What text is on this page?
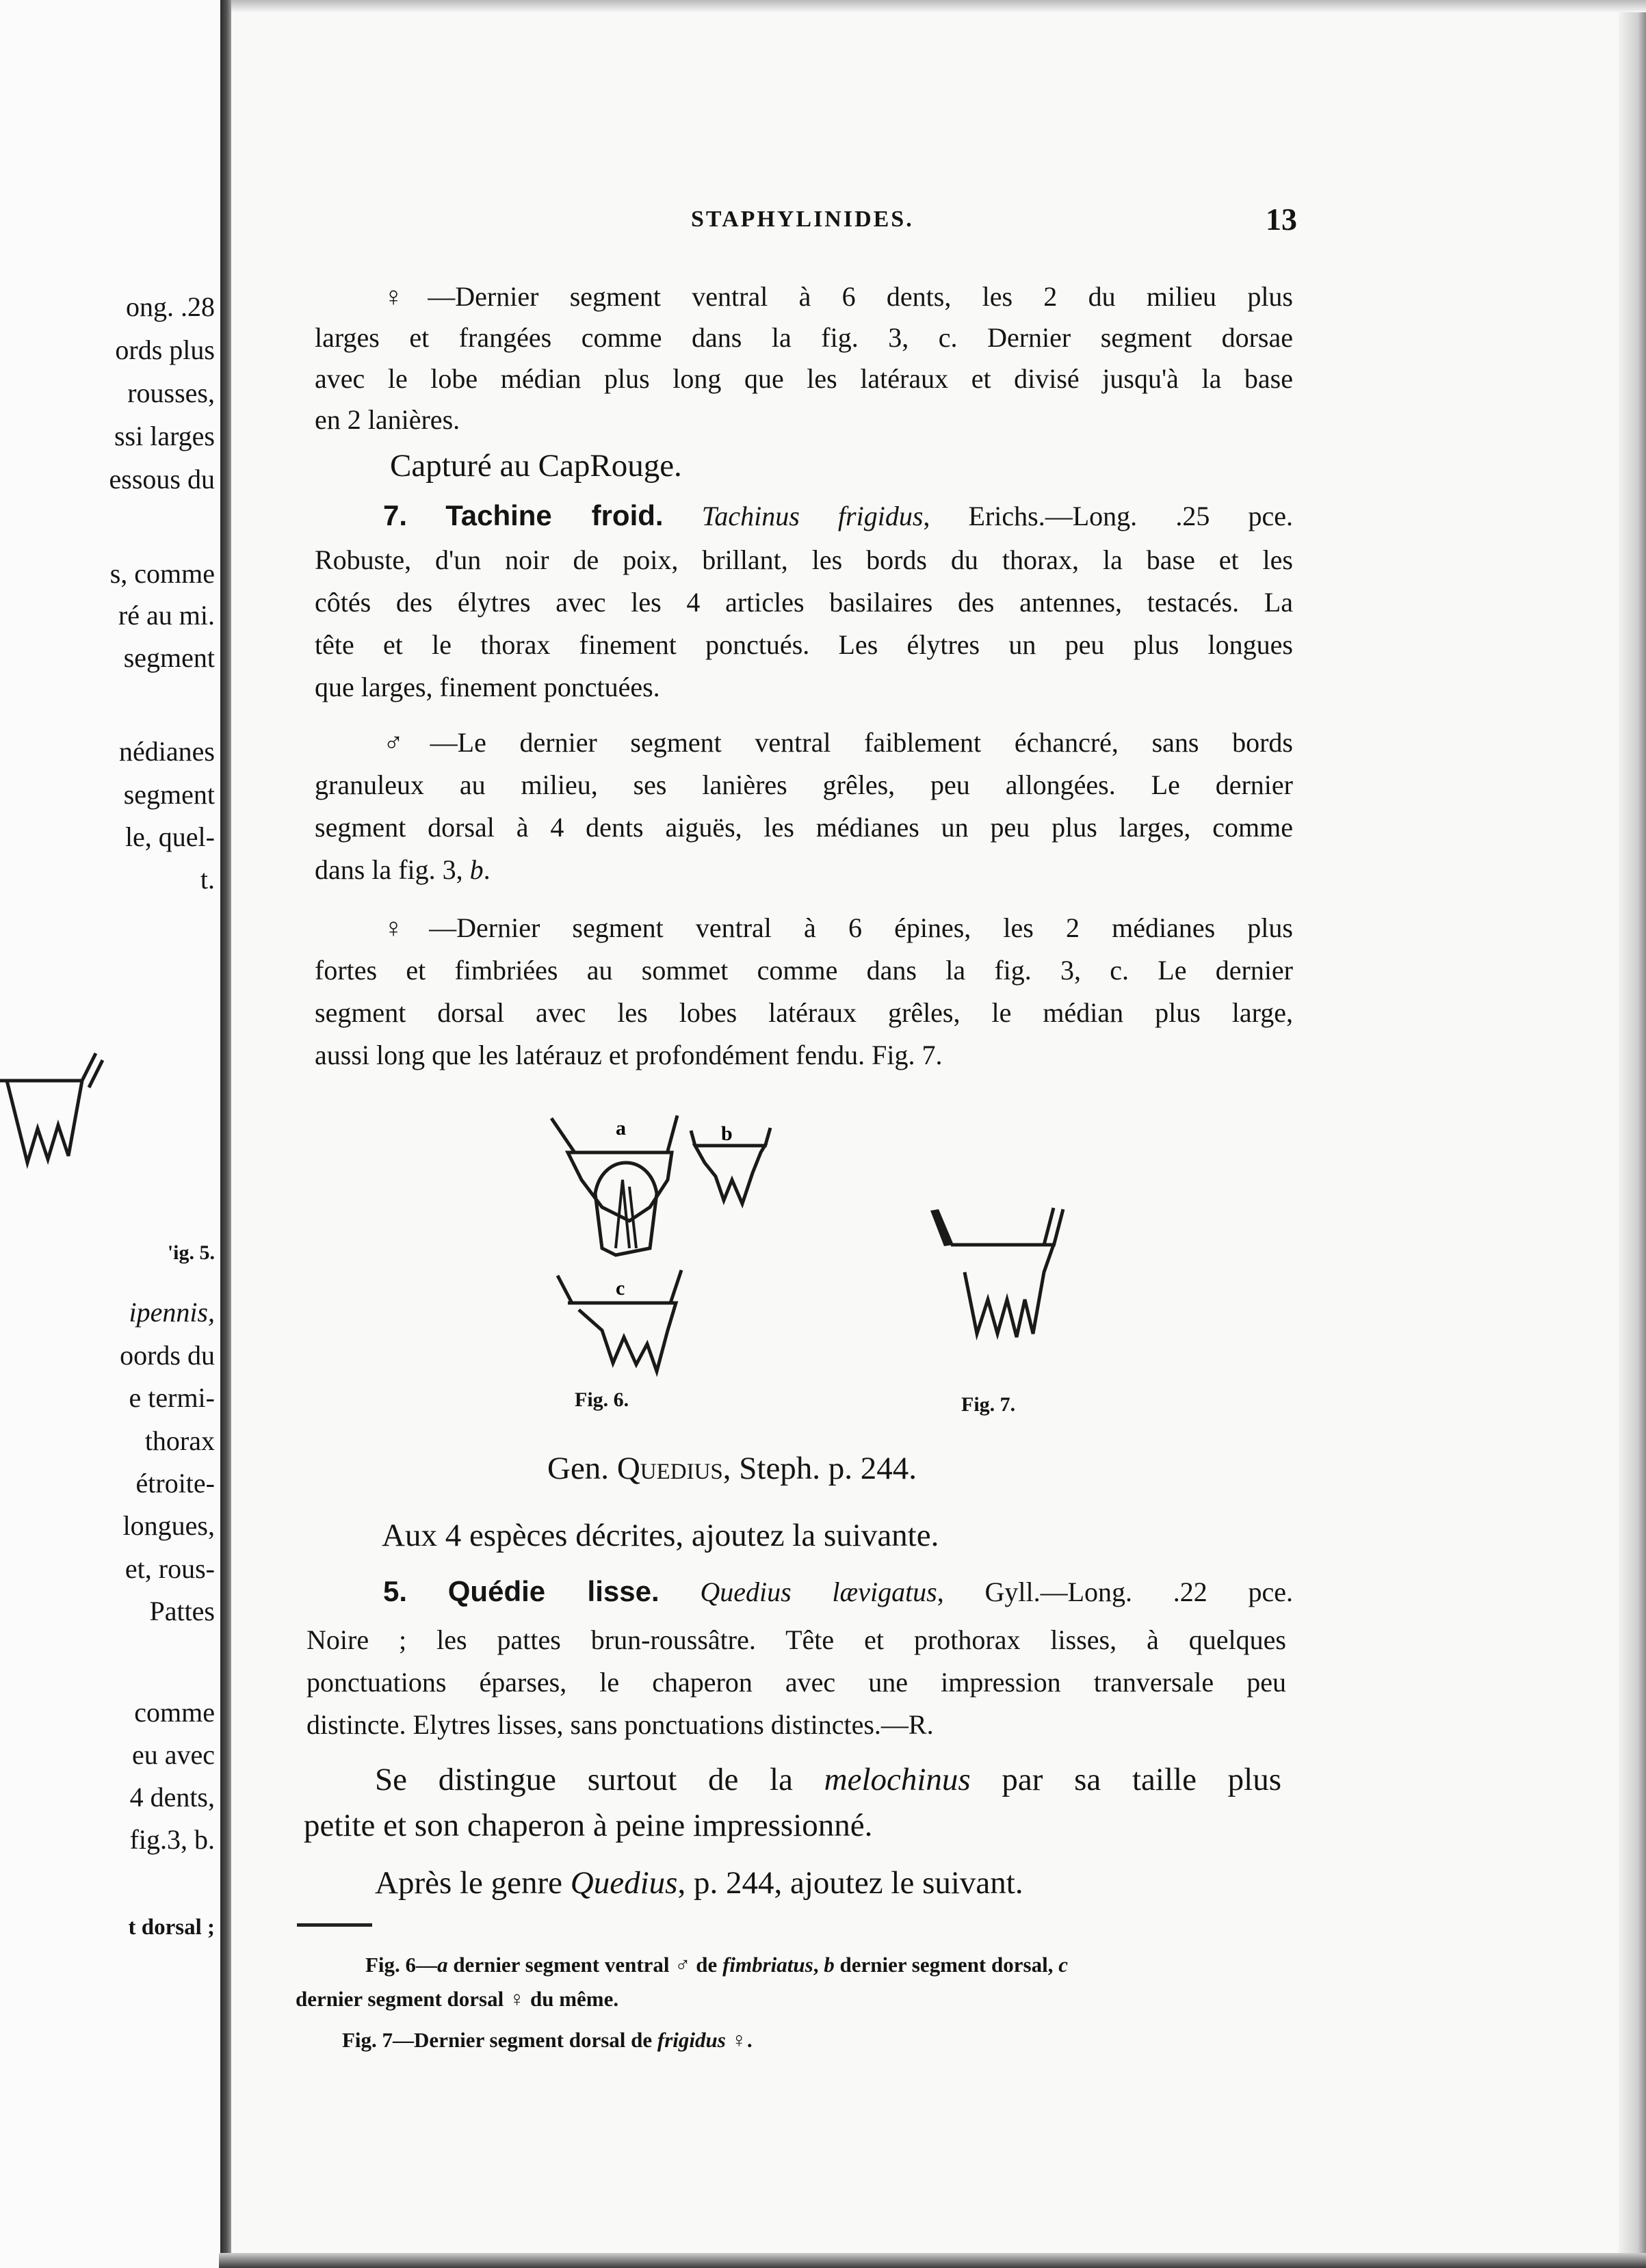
ong. .28
ords plus
rousses,
ssi larges
essous du
s, comme
ré au mi.
segment
nédianes
segment
le, quel-
t.
'ig. 5.
ipennis,
oords du
e termi-
thorax
étroite-
longues,
et, rous-
Pattes
comme
eu avec
4 dents,
fig.3, b.
t dorsal ;
STAPHYLINIDES.	13
♀—Dernier segment ventral à 6 dents, les 2 du milieu plus
larges et frangées comme dans la fig. 3, c. Dernier segment dorsae
avec le lobe médian plus long que les latéraux et divisé jusqu'à la base
en 2 lanières.
Capturé au CapRouge.
7. Tachine froid. Tachinus frigidus, Erichs.—Long. .25 pce.
Robuste, d'un noir de poix, brillant, les bords du thorax, la base et les
côtés des élytres avec les 4 articles basilaires des antennes, testacés. La
tête et le thorax finement ponctués. Les élytres un peu plus longues
que larges, finement ponctuées.
♂—Le dernier segment ventral faiblement échancré, sans bords
granuleux au milieu, ses lanières grêles, peu allongées. Le dernier
segment dorsal à 4 dents aiguës, les médianes un peu plus larges, comme
dans la fig. 3, b.
♀—Dernier segment ventral à 6 épines, les 2 médianes plus
fortes et fimbriées au sommet comme dans la fig. 3, c. Le dernier
segment dorsal avec les lobes latéraux grêles, le médian plus large,
aussi long que les latérauz et profondément fendu. Fig. 7.
a	b
c
Fig. 6.	Fig. 7.
Gen. Quedius, Steph. p. 244.
Aux 4 espèces décrites, ajoutez la suivante.
5. Quédie lisse. Quedius lævigatus, Gyll.—Long. .22 pce.
Noire ; les pattes brun-roussâtre. Tête et prothorax lisses, à quelques
ponctuations éparses, le chaperon avec une impression tranversale peu
distincte. Elytres lisses, sans ponctuations distinctes.—R.
Se distingue surtout de la melochinus par sa taille plus
petite et son chaperon à peine impressionné.
Après le genre Quedius, p. 244, ajoutez le suivant.
Fig. 6—a dernier segment ventral ♂ de fimbriatus, b dernier segment dorsal, c
dernier segment dorsal ♀ du même.
Fig. 7—Dernier segment dorsal de frigidus ♀.
